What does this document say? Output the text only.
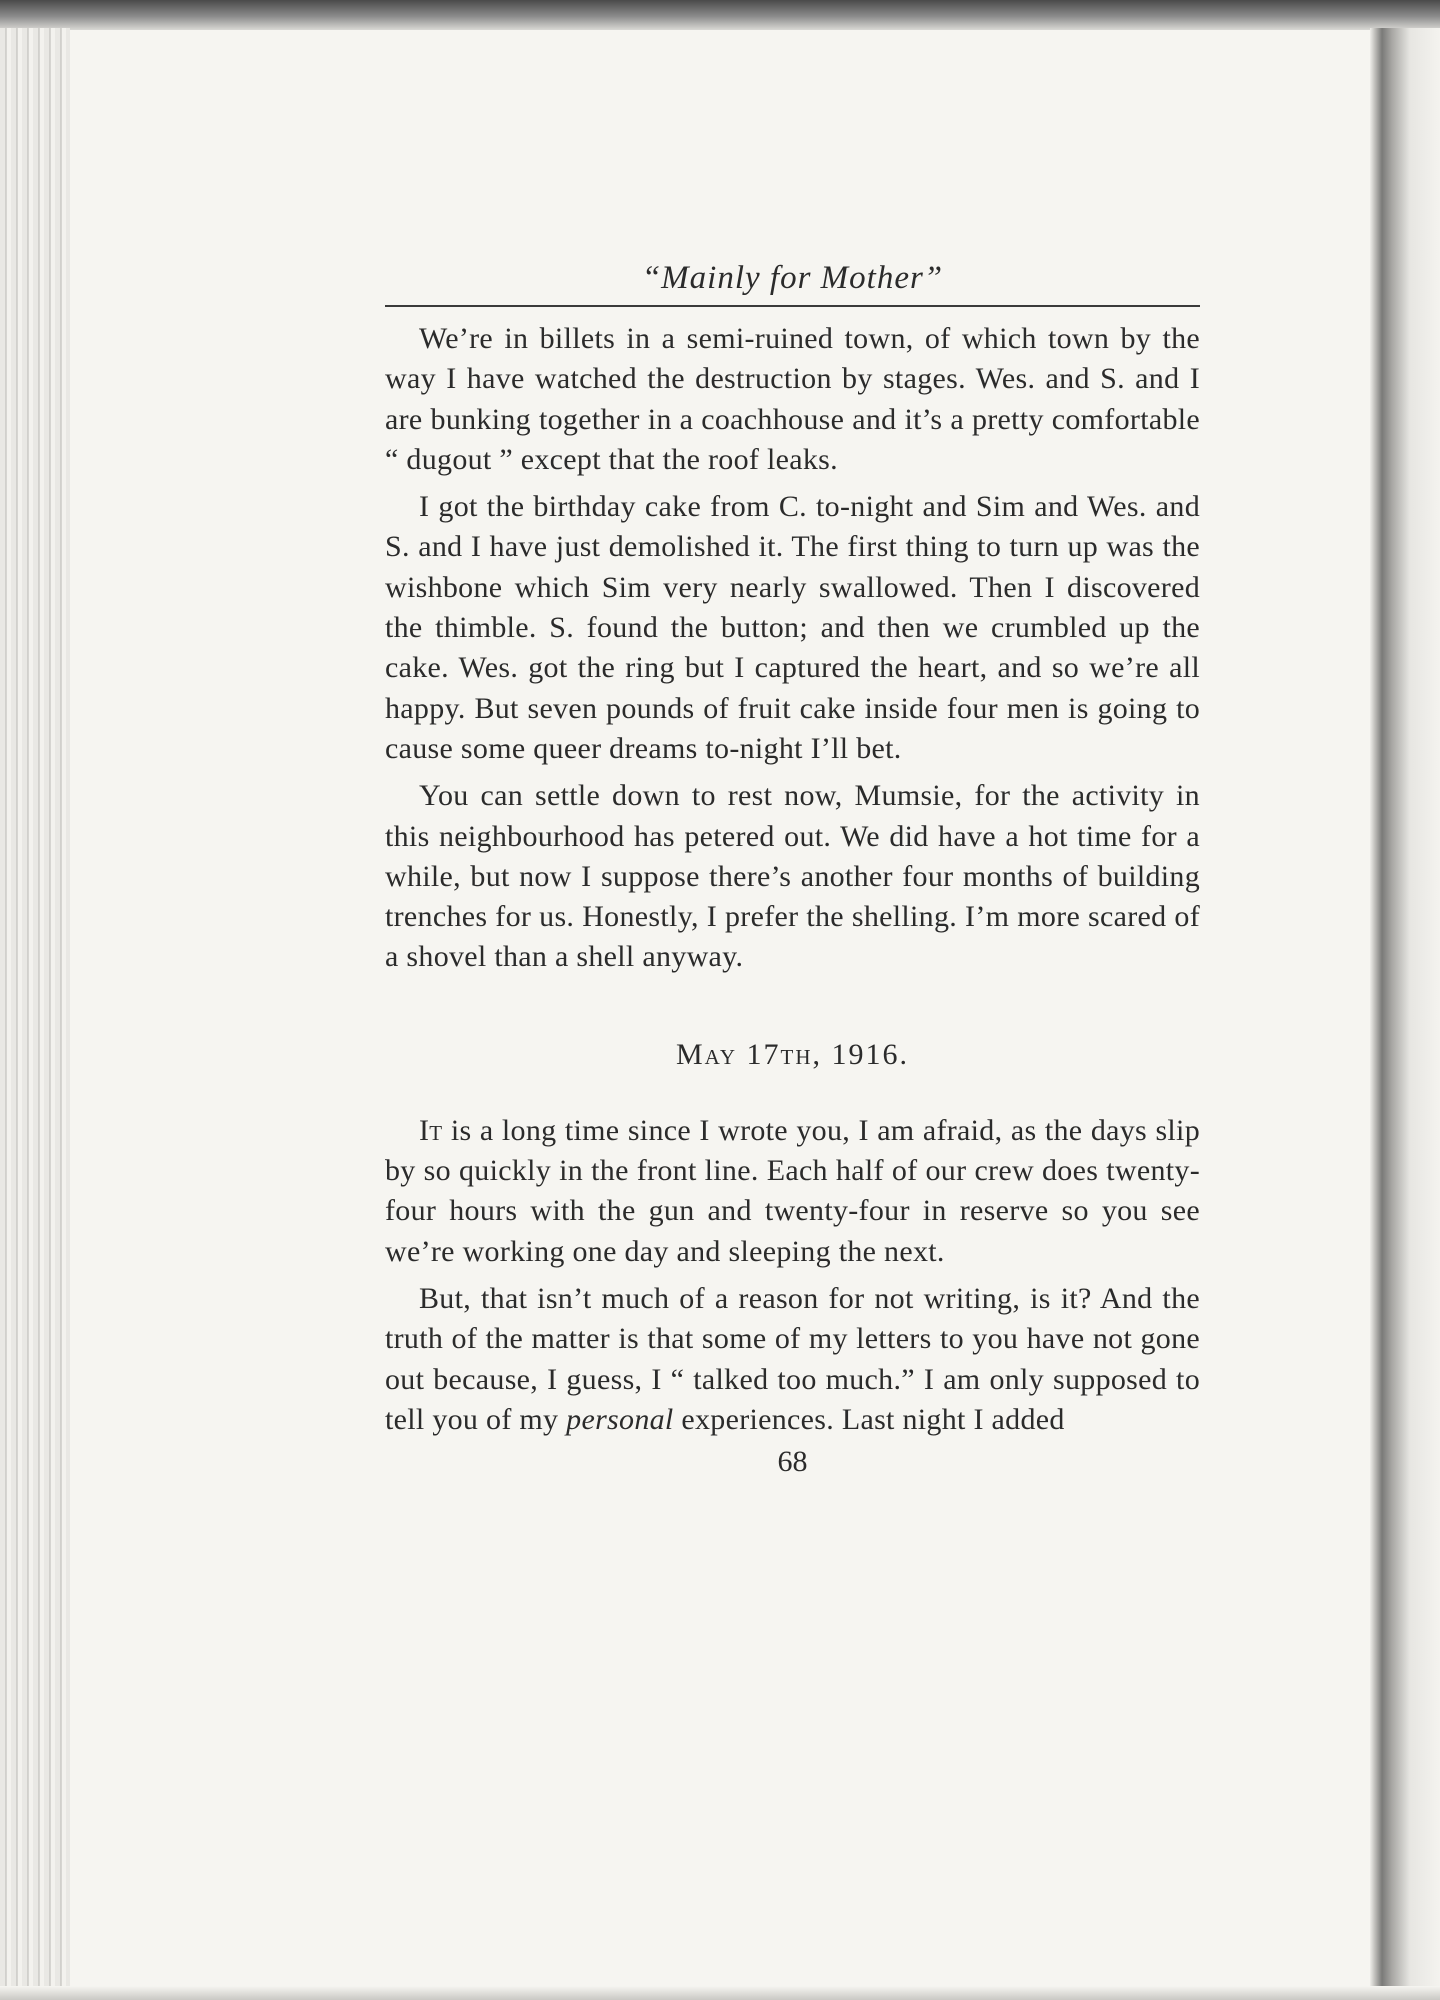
“Mainly for Mother”

We’re in billets in a semi-ruined town, of which town by the way I have watched the destruction by stages. Wes. and S. and I are bunking together in a coachhouse and it’s a pretty comfortable “ dugout ” except that the roof leaks.

I got the birthday cake from C. to-night and Sim and Wes. and S. and I have just demolished it. The first thing to turn up was the wishbone which Sim very nearly swallowed. Then I discovered the thimble. S. found the button; and then we crumbled up the cake. Wes. got the ring but I captured the heart, and so we’re all happy. But seven pounds of fruit cake inside four men is going to cause some queer dreams to-night I’ll bet.

You can settle down to rest now, Mumsie, for the activity in this neighbourhood has petered out. We did have a hot time for a while, but now I suppose there’s another four months of building trenches for us. Honestly, I prefer the shelling. I’m more scared of a shovel than a shell anyway.

May 17th, 1916.

It is a long time since I wrote you, I am afraid, as the days slip by so quickly in the front line. Each half of our crew does twenty-four hours with the gun and twenty-four in reserve so you see we’re working one day and sleeping the next.

But, that isn’t much of a reason for not writing, is it? And the truth of the matter is that some of my letters to you have not gone out because, I guess, I “ talked too much.” I am only supposed to tell you of my personal experiences. Last night I added

68
